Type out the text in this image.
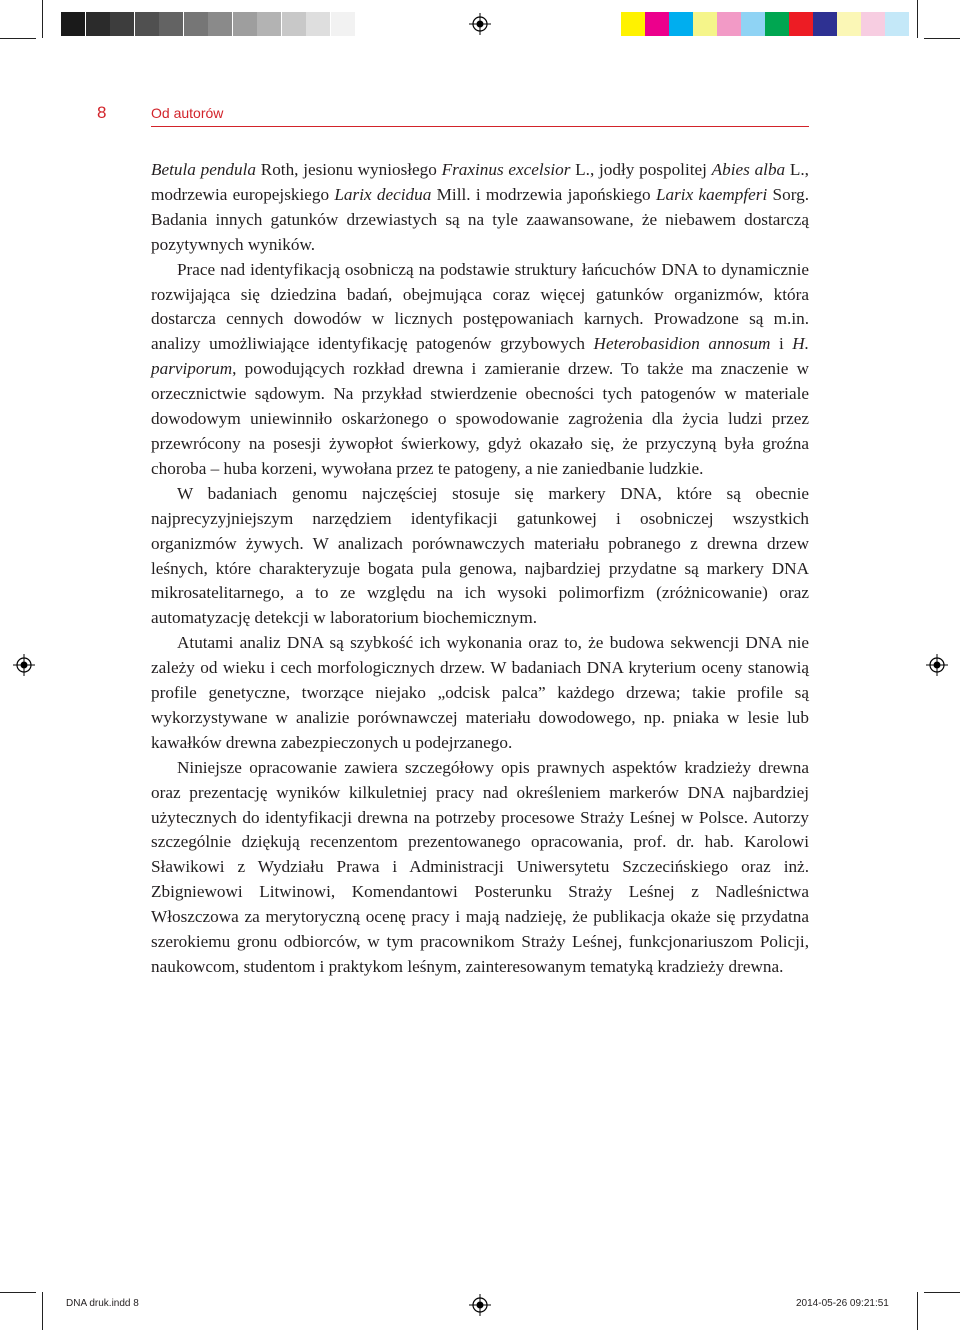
8	Od autorów

Betula pendula Roth, jesionu wyniosłego Fraxinus excelsior L., jodły pospolitej Abies alba L., modrzewia europejskiego Larix decidua Mill. i modrzewia japońskiego Larix kaempferi Sorg. Badania innych gatunków drzewiastych są na tyle zaawansowane, że niebawem dostarczą pozytywnych wyników.

Prace nad identyfikacją osobniczą na podstawie struktury łańcuchów DNA to dynamicznie rozwijająca się dziedzina badań, obejmująca coraz więcej gatunków organizmów, która dostarcza cennych dowodów w licznych postępowaniach karnych. Prowadzone są m.in. analizy umożliwiające identyfikację patogenów grzybowych Heterobasidion annosum i H. parviporum, powodujących rozkład drewna i zamieranie drzew. To także ma znaczenie w orzecznictwie sądowym. Na przykład stwierdzenie obecności tych patogenów w materiale dowodowym uniewinniło oskarżonego o spowodowanie zagrożenia dla życia ludzi przez przewrócony na posesji żywopłot świerkowy, gdyż okazało się, że przyczyną była groźna choroba – huba korzeni, wywołana przez te patogeny, a nie zaniedbanie ludzkie.

W badaniach genomu najczęściej stosuje się markery DNA, które są obecnie najprecyzyjniejszym narzędziem identyfikacji gatunkowej i osobniczej wszystkich organizmów żywych. W analizach porównawczych materiału pobranego z drewna drzew leśnych, które charakteryzuje bogata pula genowa, najbardziej przydatne są markery DNA mikrosatelitarnego, a to ze względu na ich wysoki polimorfizm (zróżnicowanie) oraz automatyzację detekcji w laboratorium biochemicznym.

Atutami analiz DNA są szybkość ich wykonania oraz to, że budowa sekwencji DNA nie zależy od wieku i cech morfologicznych drzew. W badaniach DNA kryterium oceny stanowią profile genetyczne, tworzące niejako „odcisk palca” każdego drzewa; takie profile są wykorzystywane w analizie porównawczej materiału dowodowego, np. pniaka w lesie lub kawałków drewna zabezpieczonych u podejrzanego.

Niniejsze opracowanie zawiera szczegółowy opis prawnych aspektów kradzieży drewna oraz prezentację wyników kilkuletniej pracy nad określeniem markerów DNA najbardziej użytecznych do identyfikacji drewna na potrzeby procesowe Straży Leśnej w Polsce. Autorzy szczególnie dziękują recenzentom prezentowanego opracowania, prof. dr. hab. Karolowi Sławikowi z Wydziału Prawa i Administracji Uniwersytetu Szczecińskiego oraz inż. Zbigniewowi Litwinowi, Komendantowi Posterunku Straży Leśnej z Nadleśnictwa Włoszczowa za merytoryczną ocenę pracy i mają nadzieję, że publikacja okaże się przydatna szerokiemu gronu odbiorców, w tym pracownikom Straży Leśnej, funkcjonariuszom Policji, naukowcom, studentom i praktykom leśnym, zainteresowanym tematyką kradzieży drewna.

DNA druk.indd 8	2014-05-26 09:21:51
